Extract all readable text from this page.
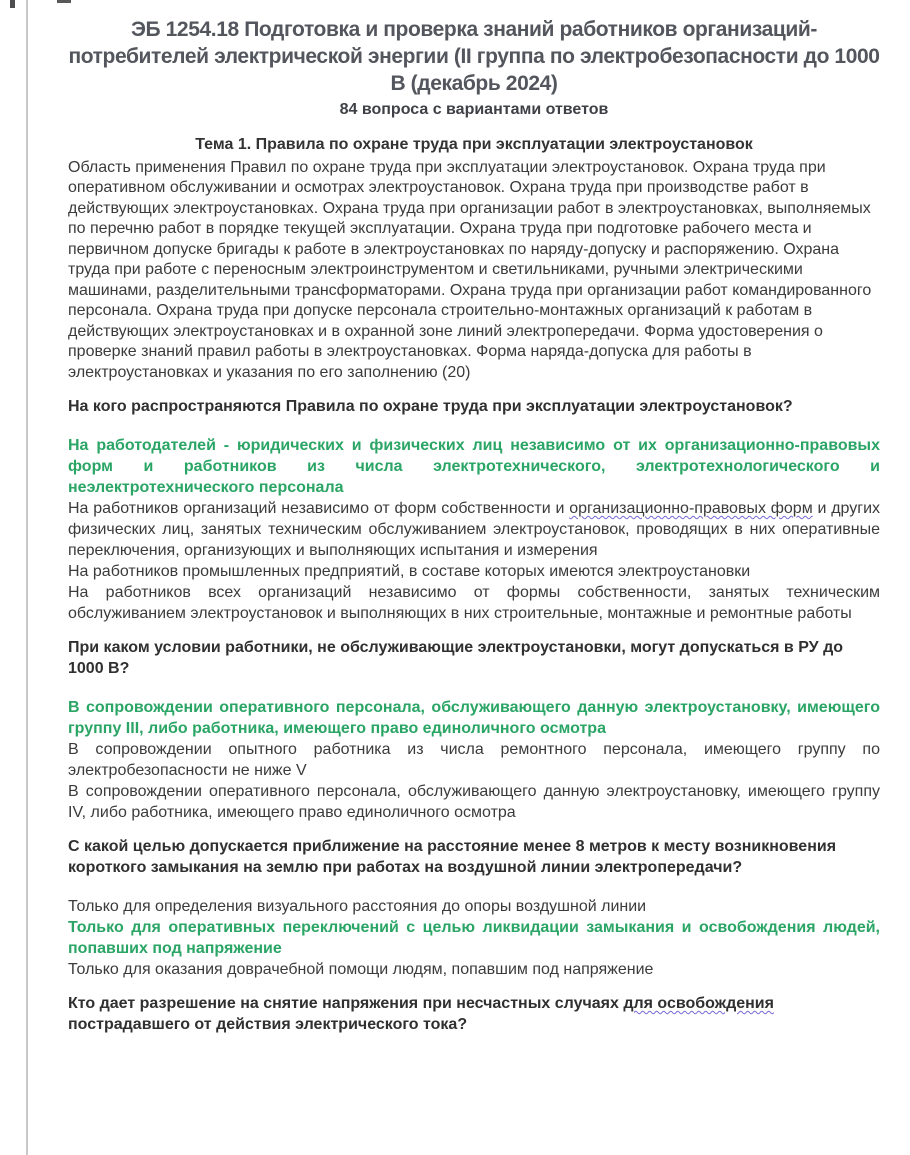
ЭБ 1254.18 Подготовка и проверка знаний работников организаций-потребителей электрической энергии (II группа по электробезопасности до 1000 В (декабрь 2024)
84 вопроса с вариантами ответов
Тема 1. Правила по охране труда при эксплуатации электроустановок

Область применения Правил по охране труда при эксплуатации электроустановок. Охрана труда при оперативном обслуживании и осмотрах электроустановок. Охрана труда при производстве работ в действующих электроустановках. Охрана труда при организации работ в электроустановках, выполняемых по перечню работ в порядке текущей эксплуатации. Охрана труда при подготовке рабочего места и первичном допуске бригады к работе в электроустановках по наряду-допуску и распоряжению. Охрана труда при работе с переносным электроинструментом и светильниками, ручными электрическими машинами, разделительными трансформаторами. Охрана труда при организации работ командированного персонала. Охрана труда при допуске персонала строительно-монтажных организаций к работам в действующих электроустановках и в охранной зоне линий электропередачи. Форма удостоверения о проверке знаний правил работы в электроустановках. Форма наряда-допуска для работы в электроустановках и указания по его заполнению (20)

На кого распространяются Правила по охране труда при эксплуатации электроустановок?

На работодателей - юридических и физических лиц независимо от их организационно-правовых форм и работников из числа электротехнического, электротехнологического и неэлектротехнического персонала

На работников организаций независимо от форм собственности и организационно-правовых форм и других физических лиц, занятых техническим обслуживанием электроустановок, проводящих в них оперативные переключения, организующих и выполняющих испытания и измерения

На работников промышленных предприятий, в составе которых имеются электроустановки

На работников всех организаций независимо от формы собственности, занятых техническим обслуживанием электроустановок и выполняющих в них строительные, монтажные и ремонтные работы

При каком условии работники, не обслуживающие электроустановки, могут допускаться в РУ до 1000 В?

В сопровождении оперативного персонала, обслуживающего данную электроустановку, имеющего группу III, либо работника, имеющего право единоличного осмотра

В сопровождении опытного работника из числа ремонтного персонала, имеющего группу по электробезопасности не ниже V

В сопровождении оперативного персонала, обслуживающего данную электроустановку, имеющего группу IV, либо работника, имеющего право единоличного осмотра

С какой целью допускается приближение на расстояние менее 8 метров к месту возникновения короткого замыкания на землю при работах на воздушной линии электропередачи?

Только для определения визуального расстояния до опоры воздушной линии

Только для оперативных переключений с целью ликвидации замыкания и освобождения людей, попавших под напряжение

Только для оказания доврачебной помощи людям, попавшим под напряжение

Кто дает разрешение на снятие напряжения при несчастных случаях для освобождения пострадавшего от действия электрического тока?
